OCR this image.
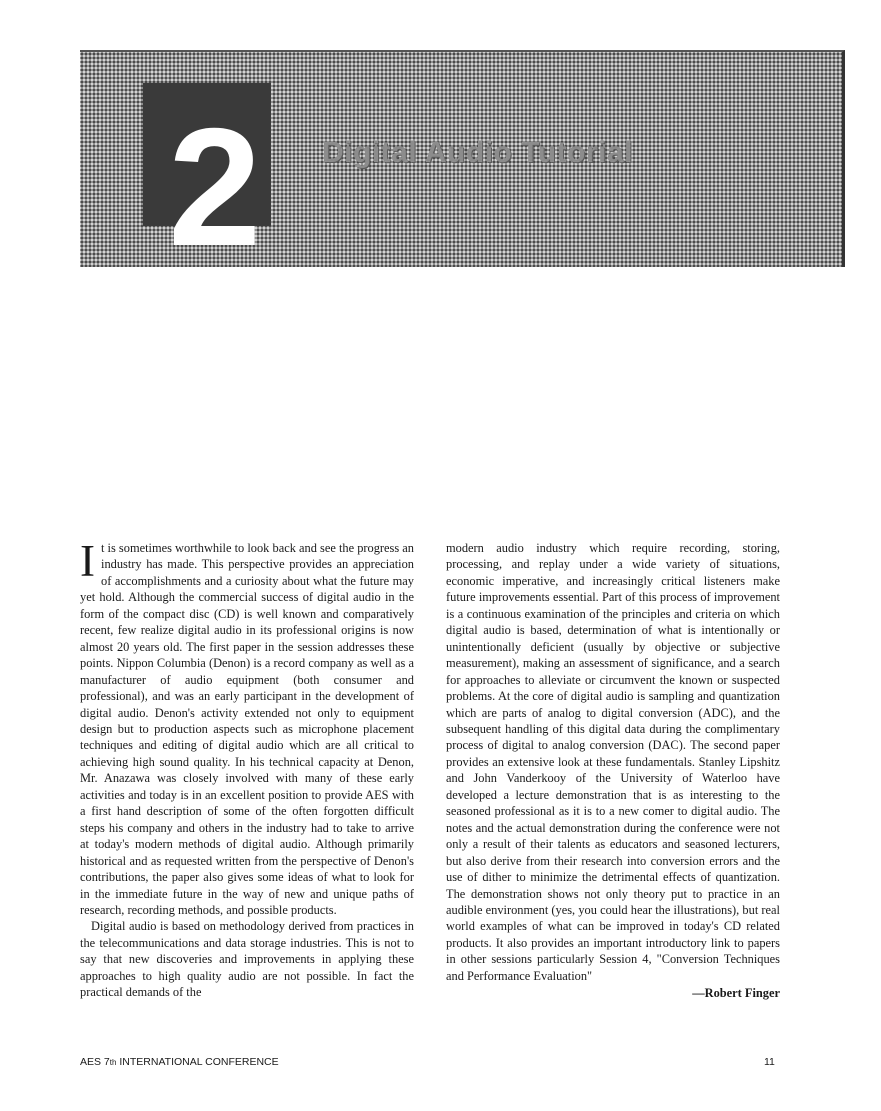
2 Digital Audio Tutorial

It is sometimes worthwhile to look back and see the progress an industry has made. This perspective provides an appreciation of accomplishments and a curiosity about what the future may yet hold. Although the commercial success of digital audio in the form of the compact disc (CD) is well known and comparatively recent, few realize digital audio in its professional origins is now almost 20 years old. The first paper in the session addresses these points. Nippon Columbia (Denon) is a record company as well as a manufacturer of audio equipment (both consumer and professional), and was an early participant in the development of digital audio. Denon's activity extended not only to equipment design but to production aspects such as microphone placement techniques and editing of digital audio which are all critical to achieving high sound quality. In his technical capacity at Denon, Mr. Anazawa was closely involved with many of these early activities and today is in an excellent position to provide AES with a first hand description of some of the often forgotten difficult steps his company and others in the industry had to take to arrive at today's modern methods of digital audio. Although primarily historical and as requested written from the perspective of Denon's contributions, the paper also gives some ideas of what to look for in the immediate future in the way of new and unique paths of research, recording methods, and possible products.

Digital audio is based on methodology derived from practices in the telecommunications and data storage industries. This is not to say that new discoveries and improvements in applying these approaches to high quality audio are not possible. In fact the practical demands of the

modern audio industry which require recording, storing, processing, and replay under a wide variety of situations, economic imperative, and increasingly critical listeners make future improvements essential. Part of this process of improvement is a continuous examination of the principles and criteria on which digital audio is based, determination of what is intentionally or unintentionally deficient (usually by objective or subjective measurement), making an assessment of significance, and a search for approaches to alleviate or circumvent the known or suspected problems. At the core of digital audio is sampling and quantization which are parts of analog to digital conversion (ADC), and the subsequent handling of this digital data during the complimentary process of digital to analog conversion (DAC). The second paper provides an extensive look at these fundamentals. Stanley Lipshitz and John Vanderkooy of the University of Waterloo have developed a lecture demonstration that is as interesting to the seasoned professional as it is to a new comer to digital audio. The notes and the actual demonstration during the conference were not only a result of their talents as educators and seasoned lecturers, but also derive from their research into conversion errors and the use of dither to minimize the detrimental effects of quantization. The demonstration shows not only theory put to practice in an audible environment (yes, you could hear the illustrations), but real world examples of what can be improved in today's CD related products. It also provides an important introductory link to papers in other sessions particularly Session 4, "Conversion Techniques and Performance Evaluation"

—Robert Finger

AES 7th INTERNATIONAL CONFERENCE	11
